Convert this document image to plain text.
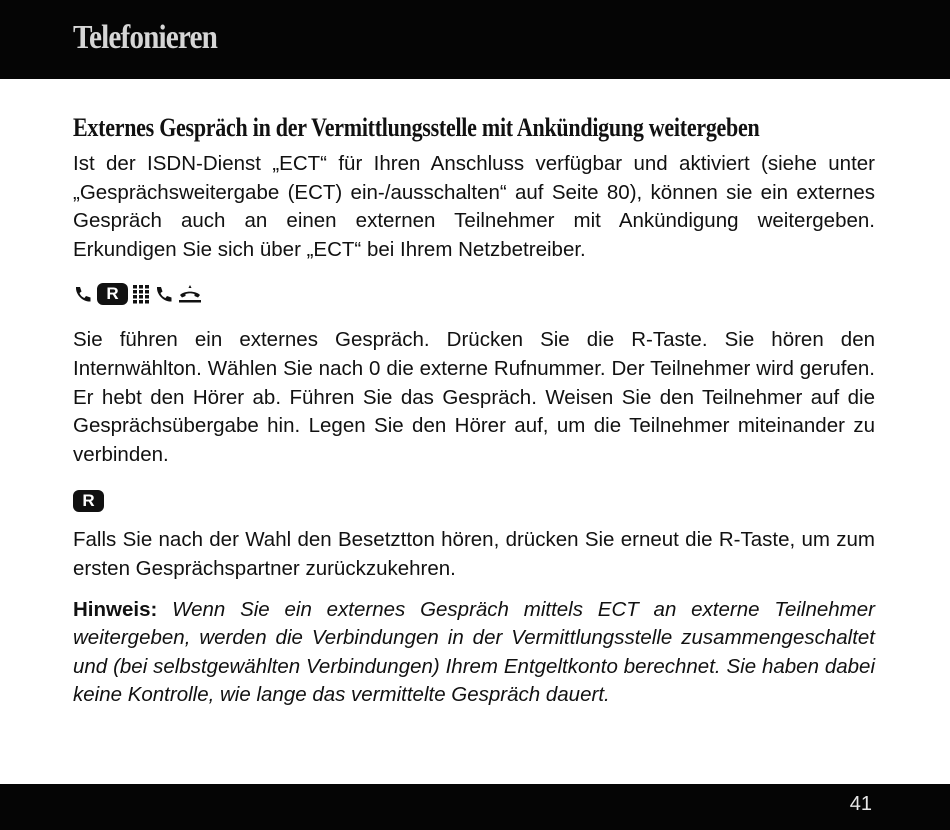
Telefonieren
Externes Gespräch in der Vermittlungsstelle mit Ankündigung weitergeben

Ist der ISDN-Dienst „ECT“ für Ihren Anschluss verfügbar und aktiviert (siehe unter „Gesprächsweitergabe (ECT) ein-/ausschalten“ auf Seite 80), können sie ein externes Gespräch auch an einen externen Teilnehmer mit Ankündigung weitergeben. Erkundigen Sie sich über „ECT“ bei Ihrem Netzbetreiber.

R

Sie führen ein externes Gespräch. Drücken Sie die R-Taste. Sie hören den Internwählton. Wählen Sie nach 0 die externe Rufnummer. Der Teilnehmer wird gerufen. Er hebt den Hörer ab. Führen Sie das Gespräch. Weisen Sie den Teilnehmer auf die Gesprächsübergabe hin. Legen Sie den Hörer auf, um die Teilnehmer miteinander zu verbinden.

R

Falls Sie nach der Wahl den Besetztton hören, drücken Sie erneut die R-Taste, um zum ersten Gesprächspartner zurückzukehren.

Hinweis: Wenn Sie ein externes Gespräch mittels ECT an externe Teilnehmer weitergeben, werden die Verbindungen in der Vermittlungsstelle zusammengeschaltet und (bei selbstgewählten Verbindungen) Ihrem Entgeltkonto berechnet. Sie haben dabei keine Kontrolle, wie lange das vermittelte Gespräch dauert.

41
